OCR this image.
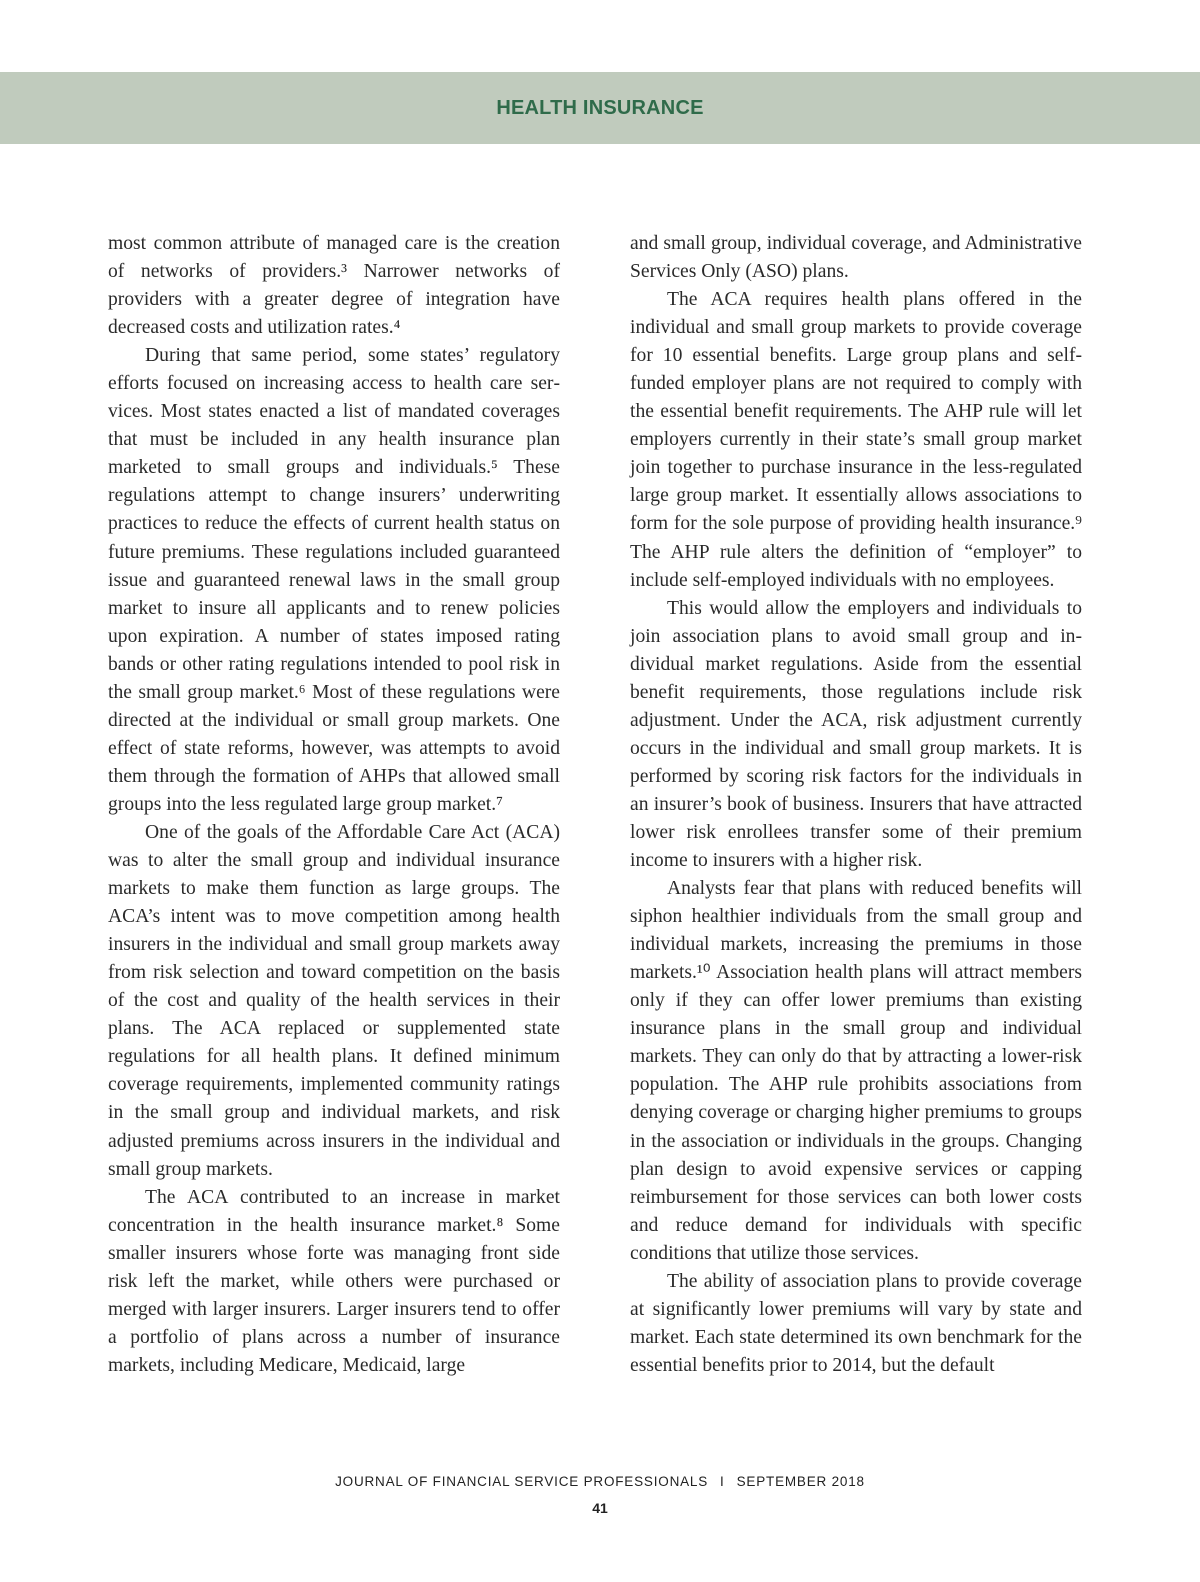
HEALTH INSURANCE

most common attribute of managed care is the creation of networks of providers.³ Narrower networks of providers with a greater degree of integration have decreased costs and utilization rates.⁴

During that same period, some states’ regulatory efforts focused on increasing access to health care services. Most states enacted a list of mandated coverages that must be included in any health insurance plan marketed to small groups and individuals.⁵ These regulations attempt to change insurers’ underwriting practices to reduce the effects of current health status on future premiums. These regulations included guaranteed issue and guaranteed renewal laws in the small group market to insure all applicants and to renew policies upon expiration. A number of states imposed rating bands or other rating regulations intended to pool risk in the small group market.⁶ Most of these regulations were directed at the individual or small group markets. One effect of state reforms, however, was attempts to avoid them through the formation of AHPs that allowed small groups into the less regulated large group market.⁷

One of the goals of the Affordable Care Act (ACA) was to alter the small group and individual insurance markets to make them function as large groups. The ACA’s intent was to move competition among health insurers in the individual and small group markets away from risk selection and toward competition on the basis of the cost and quality of the health services in their plans. The ACA replaced or supplemented state regulations for all health plans. It defined minimum coverage requirements, implemented community ratings in the small group and individual markets, and risk adjusted premiums across insurers in the individual and small group markets.

The ACA contributed to an increase in market concentration in the health insurance market.⁸ Some smaller insurers whose forte was managing front side risk left the market, while others were purchased or merged with larger insurers. Larger insurers tend to offer a portfolio of plans across a number of insurance markets, including Medicare, Medicaid, large

and small group, individual coverage, and Administrative Services Only (ASO) plans.

The ACA requires health plans offered in the individual and small group markets to provide coverage for 10 essential benefits. Large group plans and self-funded employer plans are not required to comply with the essential benefit requirements. The AHP rule will let employers currently in their state’s small group market join together to purchase insurance in the less-regulated large group market. It essentially allows associations to form for the sole purpose of providing health insurance.⁹ The AHP rule alters the definition of “employer” to include self-employed individuals with no employees.

This would allow the employers and individuals to join association plans to avoid small group and individual market regulations. Aside from the essential benefit requirements, those regulations include risk adjustment. Under the ACA, risk adjustment currently occurs in the individual and small group markets. It is performed by scoring risk factors for the individuals in an insurer’s book of business. Insurers that have attracted lower risk enrollees transfer some of their premium income to insurers with a higher risk.

Analysts fear that plans with reduced benefits will siphon healthier individuals from the small group and individual markets, increasing the premiums in those markets.¹⁰ Association health plans will attract members only if they can offer lower premiums than existing insurance plans in the small group and individual markets. They can only do that by attracting a lower-risk population. The AHP rule prohibits associations from denying coverage or charging higher premiums to groups in the association or individuals in the groups. Changing plan design to avoid expensive services or capping reimbursement for those services can both lower costs and reduce demand for individuals with specific conditions that utilize those services.

The ability of association plans to provide coverage at significantly lower premiums will vary by state and market. Each state determined its own benchmark for the essential benefits prior to 2014, but the default

JOURNAL OF FINANCIAL SERVICE PROFESSIONALS I SEPTEMBER 2018
41
